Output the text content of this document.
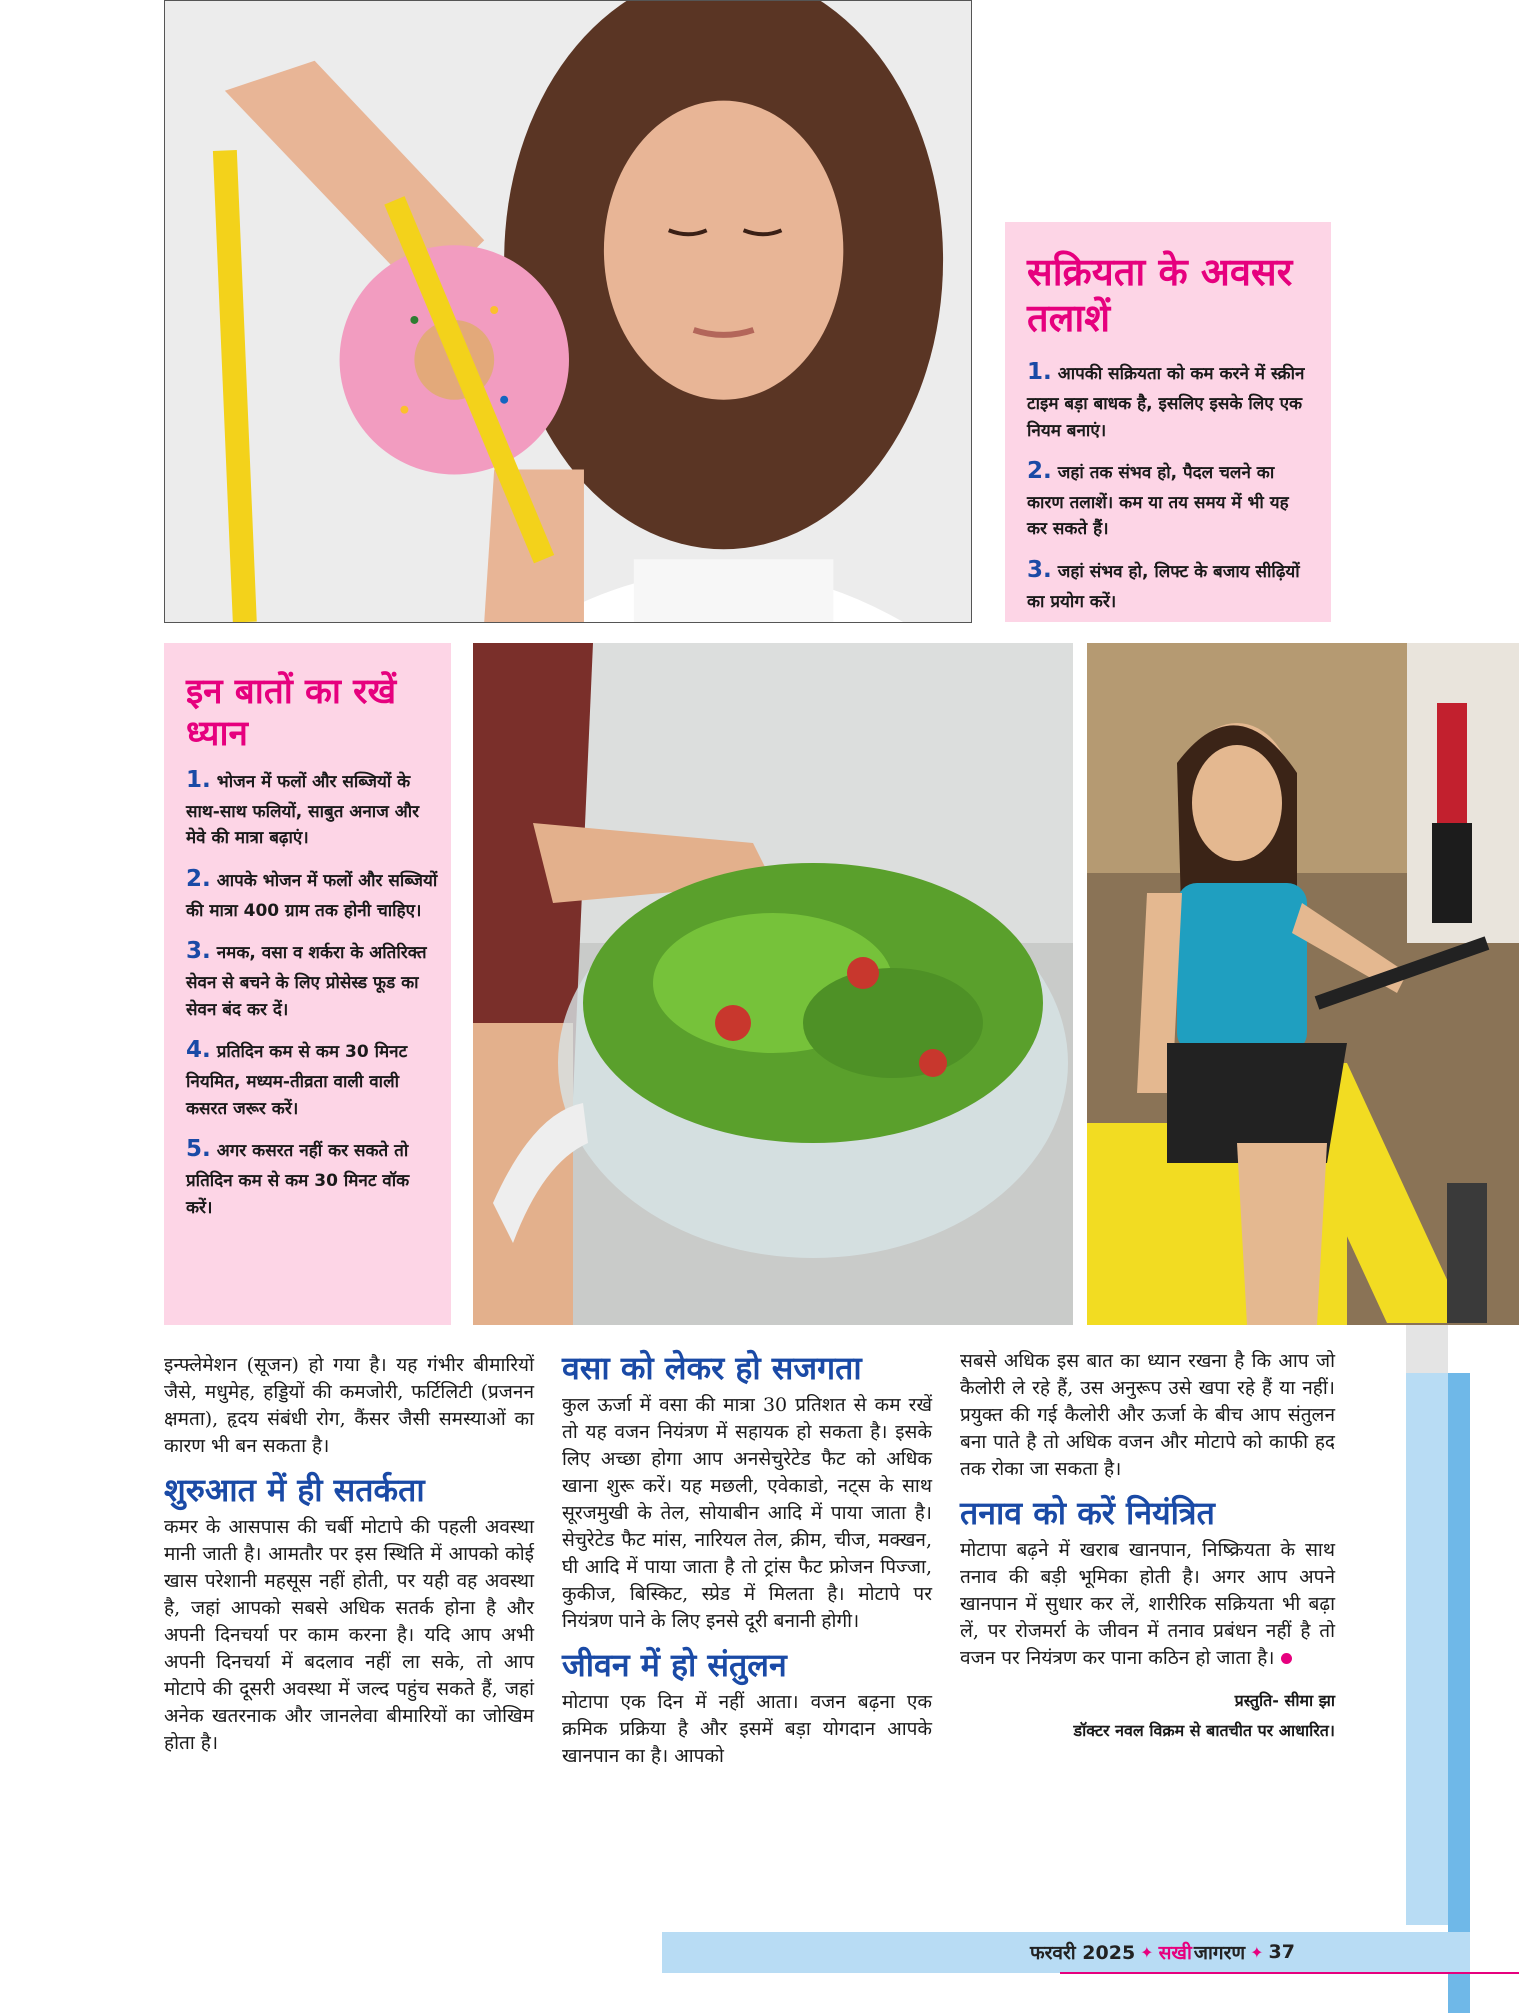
सक्रियता के अवसर तलाशें
1. आपकी सक्रियता को कम करने में स्क्रीन टाइम बड़ा बाधक है, इसलिए इसके लिए एक नियम बनाएं।
2. जहां तक संभव हो, पैदल चलने का कारण तलाशें। कम या तय समय में भी यह कर सकते हैं।
3. जहां संभव हो, लिफ्ट के बजाय सीढ़ियों का प्रयोग करें।
इन बातों का रखें ध्यान
1. भोजन में फलों और सब्जियों के साथ-साथ फलियों, साबुत अनाज और मेवे की मात्रा बढ़ाएं।
2. आपके भोजन में फलों और सब्जियों की मात्रा 400 ग्राम तक होनी चाहिए।
3. नमक, वसा व शर्करा के अतिरिक्त सेवन से बचने के लिए प्रोसेस्ड फूड का सेवन बंद कर दें।
4. प्रतिदिन कम से कम 30 मिनट नियमित, मध्यम-तीव्रता वाली वाली कसरत जरूर करें।
5. अगर कसरत नहीं कर सकते तो प्रतिदिन कम से कम 30 मिनट वॉक करें।

इन्फ्लेमेशन (सूजन) हो गया है। यह गंभीर बीमारियों जैसे, मधुमेह, हड्डियों की कमजोरी, फर्टिलिटी (प्रजनन क्षमता), हृदय संबंधी रोग, कैंसर जैसी समस्याओं का कारण भी बन सकता है।

शुरुआत में ही सतर्कता

कमर के आसपास की चर्बी मोटापे की पहली अवस्था मानी जाती है। आमतौर पर इस स्थिति में आपको कोई खास परेशानी महसूस नहीं होती, पर यही वह अवस्था है, जहां आपको सबसे अधिक सतर्क होना है और अपनी दिनचर्या पर काम करना है। यदि आप अभी अपनी दिनचर्या में बदलाव नहीं ला सके, तो आप मोटापे की दूसरी अवस्था में जल्द पहुंच सकते हैं, जहां अनेक खतरनाक और जानलेवा बीमारियों का जोखिम होता है।

वसा को लेकर हो सजगता

कुल ऊर्जा में वसा की मात्रा 30 प्रतिशत से कम रखें तो यह वजन नियंत्रण में सहायक हो सकता है। इसके लिए अच्छा होगा आप अनसेचुरेटेड फैट को अधिक खाना शुरू करें। यह मछली, एवेकाडो, नट्स के साथ सूरजमुखी के तेल, सोयाबीन आदि में पाया जाता है। सेचुरेटेड फैट मांस, नारियल तेल, क्रीम, चीज, मक्खन, घी आदि में पाया जाता है तो ट्रांस फैट फ्रोजन पिज्जा, कुकीज, बिस्किट, स्प्रेड में मिलता है। मोटापे पर नियंत्रण पाने के लिए इनसे दूरी बनानी होगी।

जीवन में हो संतुलन

मोटापा एक दिन में नहीं आता। वजन बढ़ना एक क्रमिक प्रक्रिया है और इसमें बड़ा योगदान आपके खानपान का है। आपको

सबसे अधिक इस बात का ध्यान रखना है कि आप जो कैलोरी ले रहे हैं, उस अनुरूप उसे खपा रहे हैं या नहीं। प्रयुक्त की गई कैलोरी और ऊर्जा के बीच आप संतुलन बना पाते है तो अधिक वजन और मोटापे को काफी हद तक रोका जा सकता है।

तनाव को करें नियंत्रित

मोटापा बढ़ने में खराब खानपान, निष्क्रियता के साथ तनाव की बड़ी भूमिका होती है। अगर आप अपने खानपान में सुधार कर लें, शारीरिक सक्रियता भी बढ़ा लें, पर रोजमर्रा के जीवन में तनाव प्रबंधन नहीं है तो वजन पर नियंत्रण कर पाना कठिन हो जाता है।

प्रस्तुति- सीमा झा
डॉक्टर नवल विक्रम से बातचीत पर आधारित।
फरवरी 2025 ✦ सखी जागरण ✦ 37
